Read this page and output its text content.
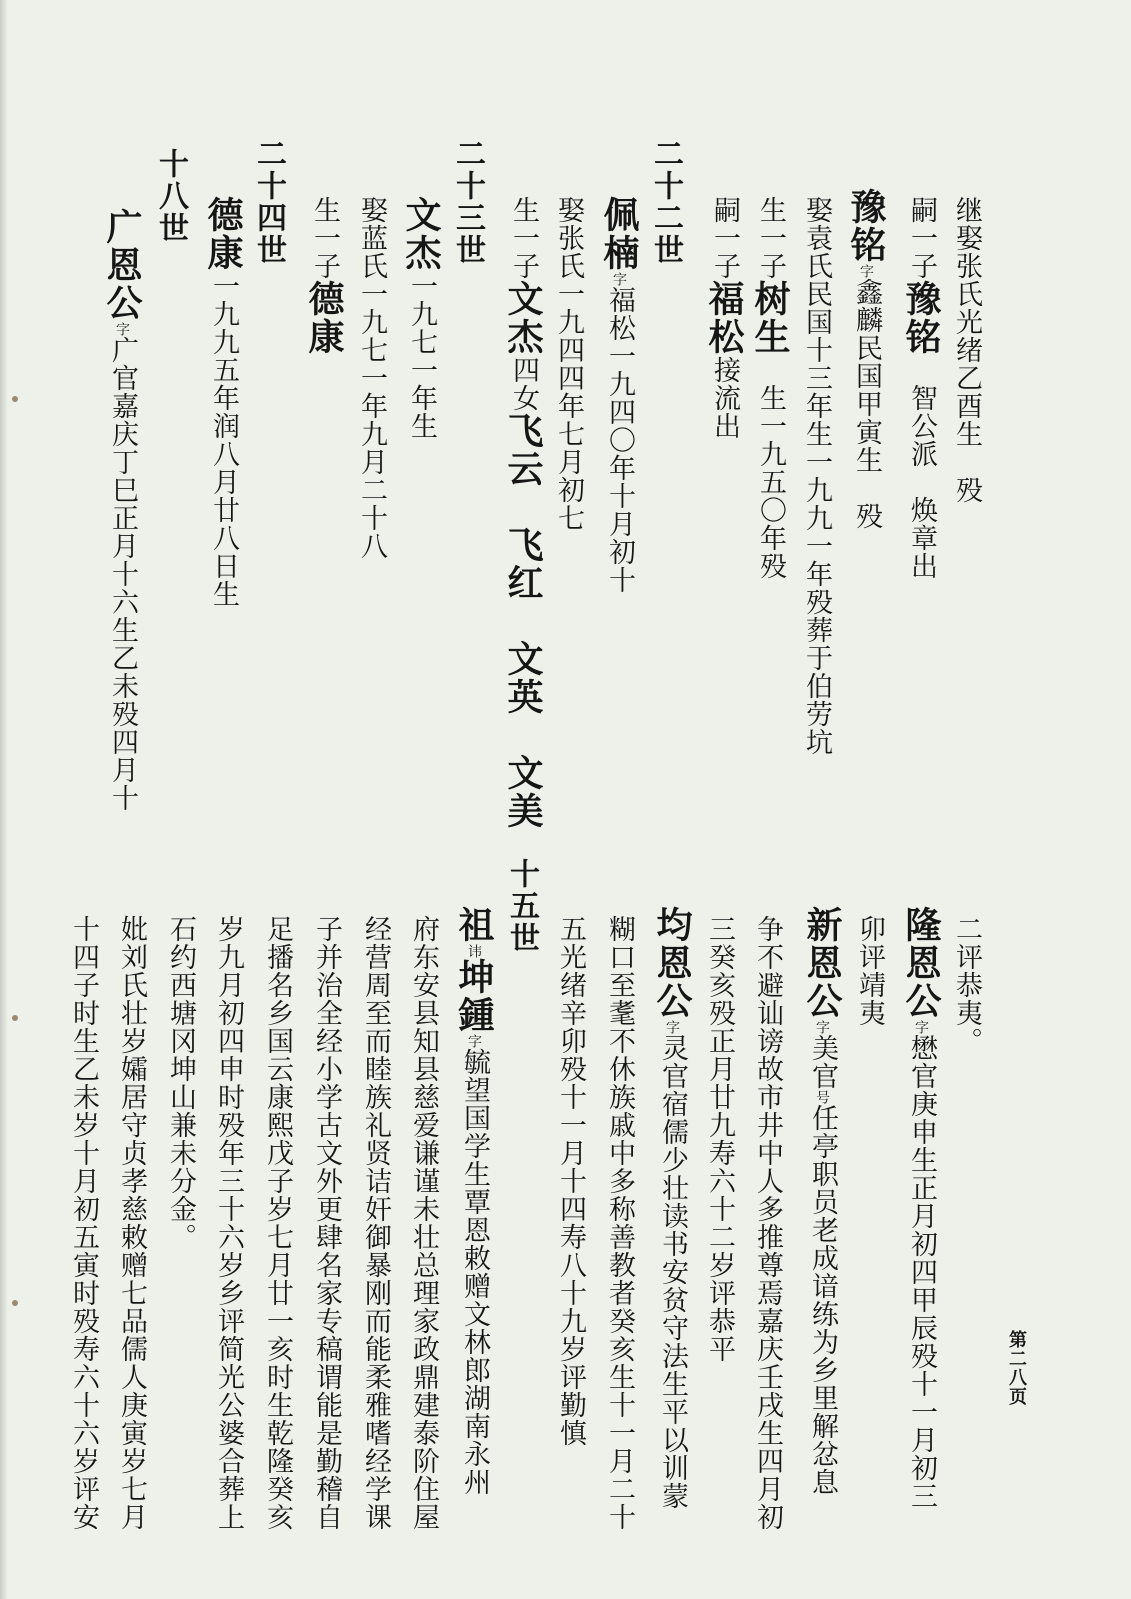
继娶张氏光绪乙酉生　殁
嗣一子豫铭　智公派　焕章出
豫铭字鑫麟民国甲寅生　殁
娶袁氏民国十三年生一九九一年殁葬于伯劳坑
生一子树生　生一九五〇年殁
嗣一子福松接流出
二十二世
佩楠字福松一九四〇年十月初十
娶张氏一九四四年七月初七
生一子文杰四女飞云　飞红　文英　文美
二十三世
文杰一九七一年生
娶蓝氏一九七一年九月二十八
生一子德康
二十四世
德康一九九五年润八月廿八日生
十八世
广恩公字广官嘉庆丁巳正月十六生乙未殁四月十
第二八页
二评恭夷。
隆恩公字懋官庚申生正月初四甲辰殁十一月初三
卯评靖夷
新恩公字美官号任亭职员老成谙练为乡里解忿息
争不避讪谤故市井中人多推尊焉嘉庆壬戌生四月初
三癸亥殁正月廿九寿六十二岁评恭平
均恩公字灵官宿儒少壮读书安贫守法生平以训蒙
糊口至耄不休族戚中多称善教者癸亥生十一月二十
五光绪辛卯殁十一月十四寿八十九岁评勤慎
十五世
祖讳坤鍾字毓望国学生覃恩敕赠文林郎湖南永州
府东安县知县慈爱谦谨未壮总理家政鼎建泰阶住屋
经营周至而睦族礼贤诘奸御暴刚而能柔雅嗜经学课
子并治全经小学古文外更肆名家专稿谓能是勤稽自
足播名乡国云康熙戊子岁七月廿一亥时生乾隆癸亥
岁九月初四申时殁年三十六岁乡评简光公婆合葬上
石约西塘冈坤山兼未分金。
妣刘氏壮岁孀居守贞孝慈敕赠七品儒人庚寅岁七月
十四子时生乙未岁十月初五寅时殁寿六十六岁评安
